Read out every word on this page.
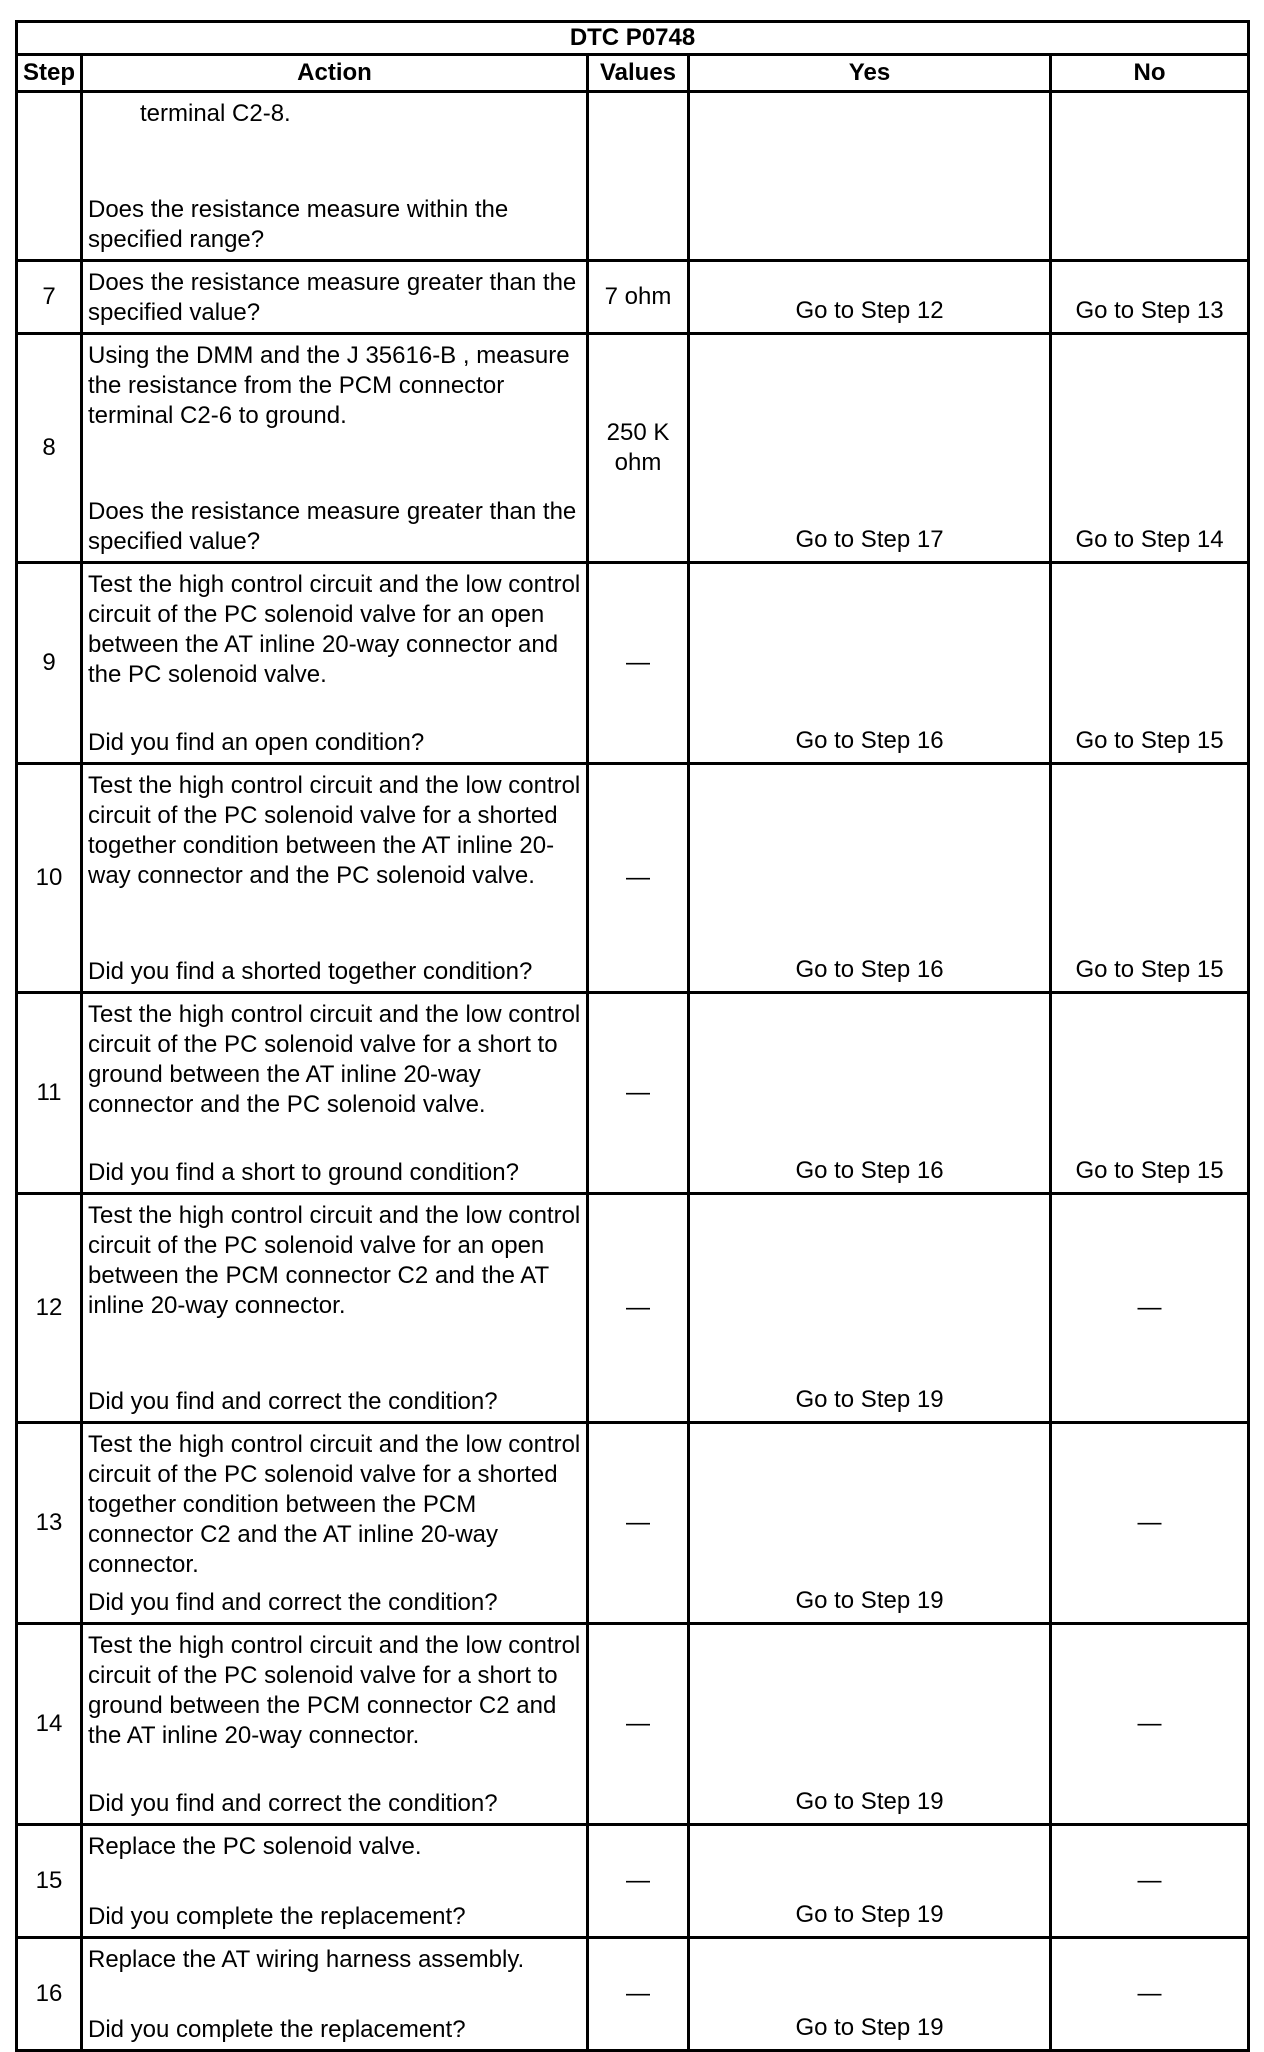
DTC P0748				
Step	Action	Values	Yes	No

	terminal C2-8.
Does the resistance measure within the specified range?			

7	Does the resistance measure greater than the specified value?	7 ohm	Go to Step 12	Go to Step 13
8	Using the DMM and the J 35616-B , measure the resistance from the PCM connector terminal C2-6 to ground.
Does the resistance measure greater than the specified value?	250 K ohm	Go to Step 17	Go to Step 14
9	Test the high control circuit and the low control circuit of the PC solenoid valve for an open between the AT inline 20-way connector and the PC solenoid valve.
Did you find an open condition?	—	Go to Step 16	Go to Step 15
10	Test the high control circuit and the low control circuit of the PC solenoid valve for a shorted together condition between the AT inline 20-way connector and the PC solenoid valve.
Did you find a shorted together condition?	—	Go to Step 16	Go to Step 15
11	Test the high control circuit and the low control circuit of the PC solenoid valve for a short to ground between the AT inline 20-way connector and the PC solenoid valve.
Did you find a short to ground condition?	—	Go to Step 16	Go to Step 15
12	Test the high control circuit and the low control circuit of the PC solenoid valve for an open between the PCM connector C2 and the AT inline 20-way connector.
Did you find and correct the condition?	—	Go to Step 19	—
13	Test the high control circuit and the low control circuit of the PC solenoid valve for a shorted together condition between the PCM connector C2 and the AT inline 20-way connector.
Did you find and correct the condition?	—	Go to Step 19	—
14	Test the high control circuit and the low control circuit of the PC solenoid valve for a short to ground between the PCM connector C2 and the AT inline 20-way connector.
Did you find and correct the condition?	—	Go to Step 19	—
15	Replace the PC solenoid valve.
Did you complete the replacement?	—	Go to Step 19	—
16	Replace the AT wiring harness assembly.
Did you complete the replacement?	—	Go to Step 19	—
